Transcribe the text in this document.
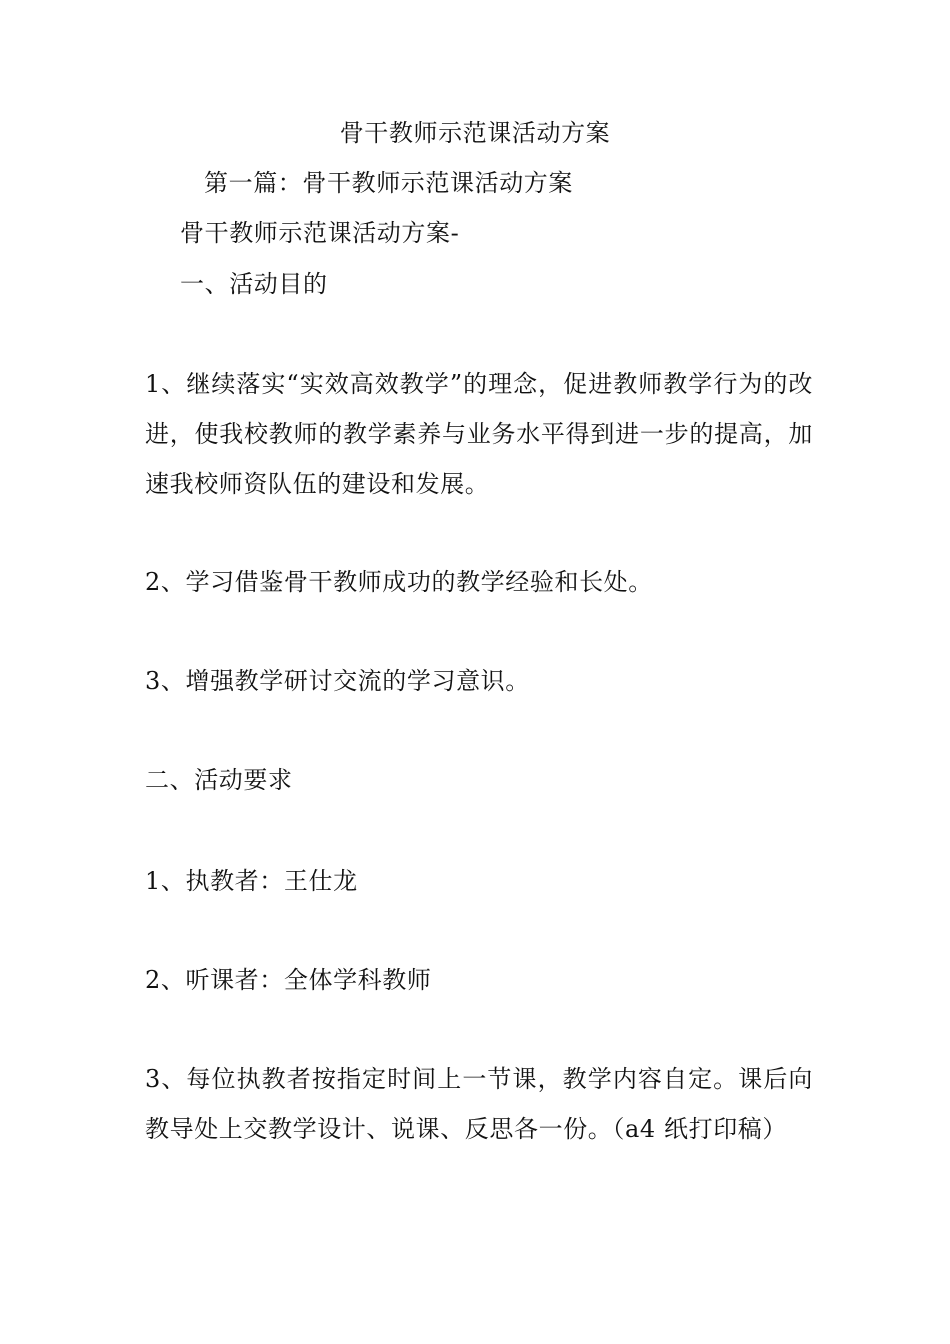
骨干教师示范课活动方案
第一篇：骨干教师示范课活动方案
骨干教师示范课活动方案-
一、活动目的
1、继续落实“实效高效教学”的理念，促进教师教学行为的改进，使我校教师的教学素养与业务水平得到进一步的提高，加速我校师资队伍的建设和发展。
2、学习借鉴骨干教师成功的教学经验和长处。
3、增强教学研讨交流的学习意识。
二、活动要求
1、执教者：王仕龙
2、听课者：全体学科教师
3、每位执教者按指定时间上一节课，教学内容自定。课后向教导处上交教学设计、说课、反思各一份。（a4 纸打印稿）
